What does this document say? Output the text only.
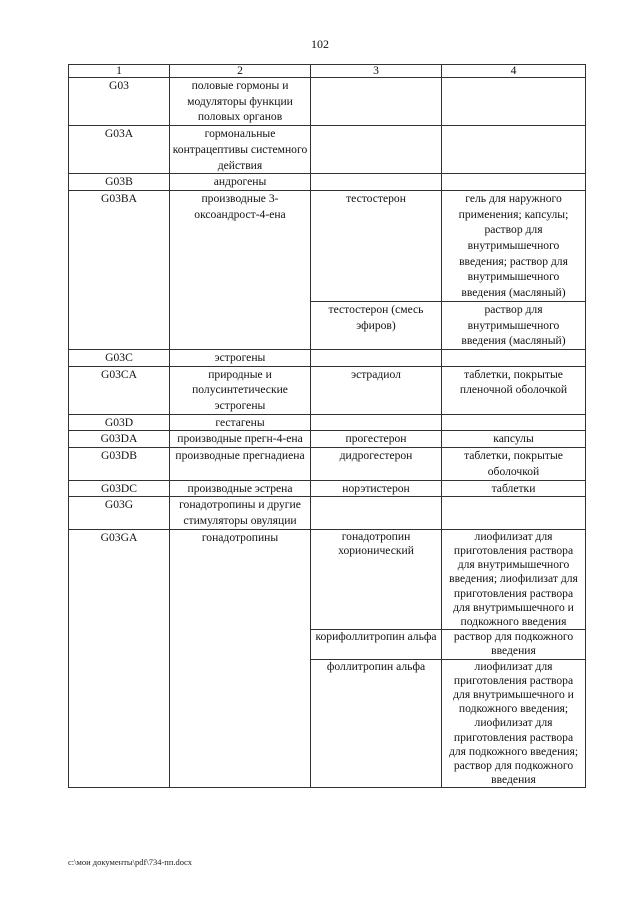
102
1	2	3	4
G03	половые гормоны и модуляторы функции половых органов		
G03A	гормональные контрацептивы системного действия		
G03B	андрогены		
G03BA	производные 3-оксоандрост-4-ена	тестостерон	гель для наружного применения; капсулы; раствор для внутримышечного введения; раствор для внутримышечного введения (масляный)
		тестостерон (смесь эфиров)	раствор для внутримышечного введения (масляный)
G03C	эстрогены		
G03CA	природные и полусинтетические эстрогены	эстрадиол	таблетки, покрытые пленочной оболочкой
G03D	гестагены		
G03DA	производные прегн-4-ена	прогестерон	капсулы
G03DB	производные прегнадиена	дидрогестерон	таблетки, покрытые оболочкой
G03DC	производные эстрена	норэтистерон	таблетки
G03G	гонадотропины и другие стимуляторы овуляции		
G03GA	гонадотропины	гонадотропин хорионический	лиофилизат для приготовления раствора для внутримышечного введения; лиофилизат для приготовления раствора для внутримышечного и подкожного введения
		корифоллитропин альфа	раствор для подкожного введения
		фоллитропин альфа	лиофилизат для приготовления раствора для внутримышечного и подкожного введения; лиофилизат для приготовления раствора для подкожного введения; раствор для подкожного введения
c:\мои документы\pdf\734-пп.docx
